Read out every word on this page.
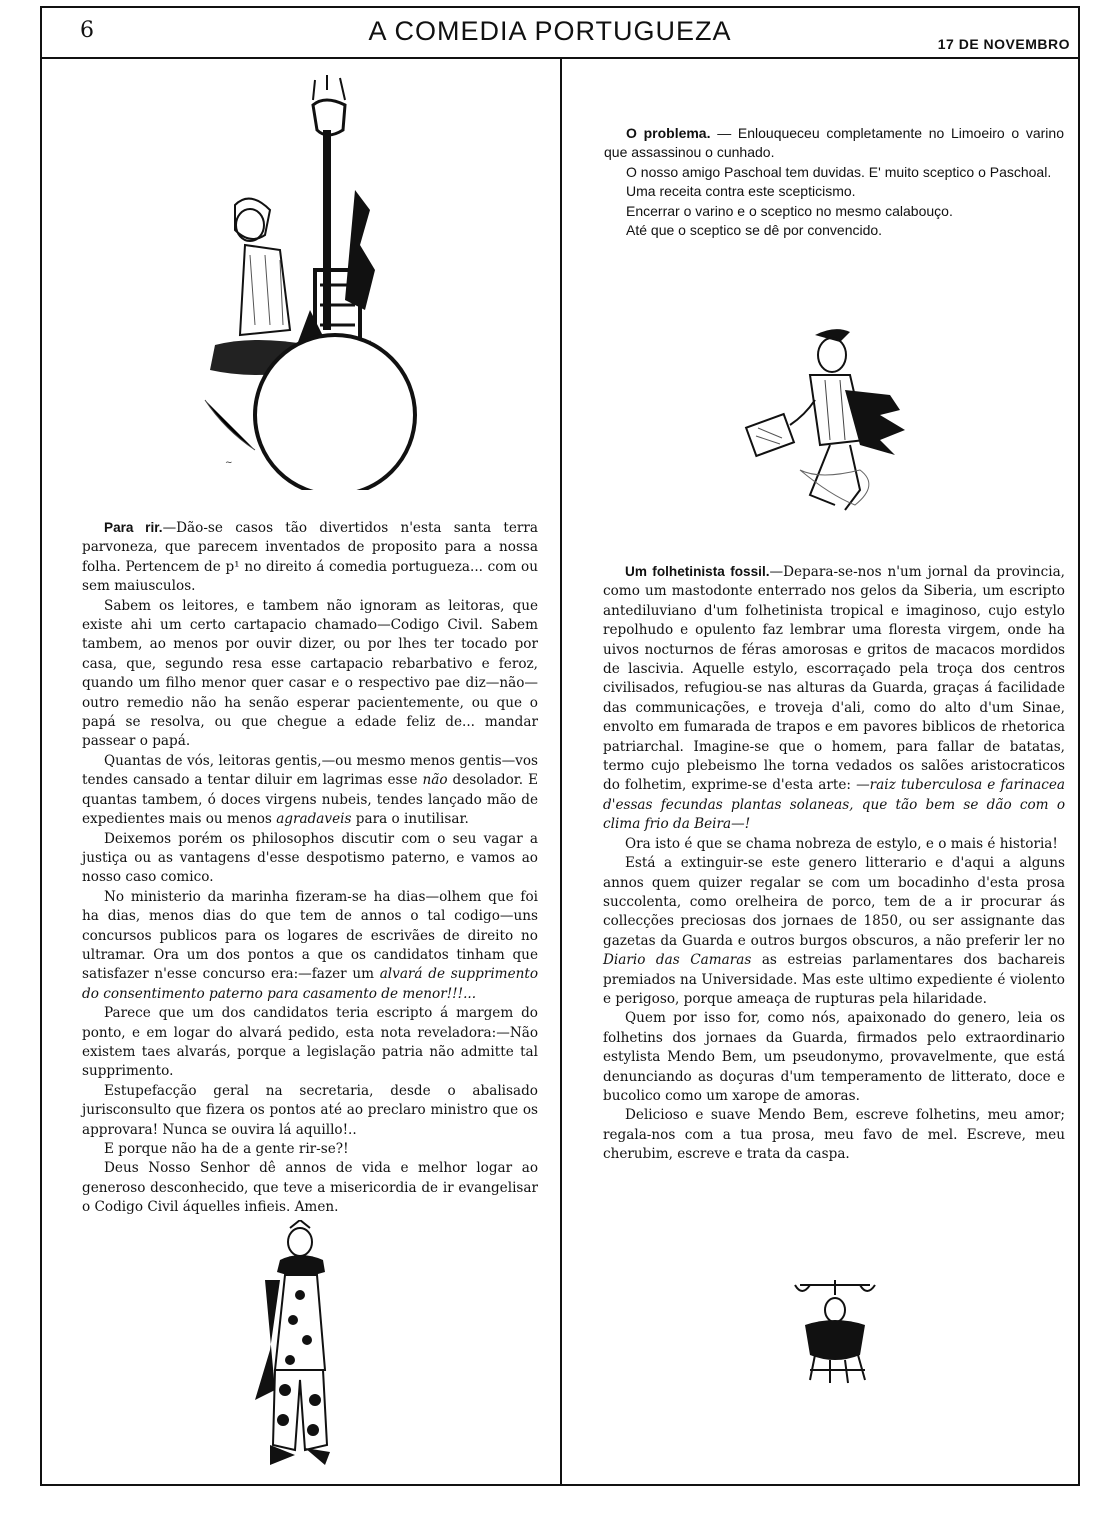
6	A COMEDIA PORTUGUEZA	17 DE NOVEMBRO
~

Para rir.—Dão-se casos tão divertidos n'esta santa terra parvoneza, que parecem inventados de proposito para a nossa folha. Pertencem de p¹ no direito á comedia portugueza... com ou sem maiusculos.

Sabem os leitores, e tambem não ignoram as leitoras, que existe ahi um certo cartapacio chamado—Codigo Civil. Sabem tambem, ao menos por ouvir dizer, ou por lhes ter tocado por casa, que, segundo resa esse cartapacio rebarbativo e feroz, quando um filho menor quer casar e o respectivo pae diz—não—outro remedio não ha senão esperar pacientemente, ou que o papá se resolva, ou que chegue a edade feliz de... mandar passear o papá.

Quantas de vós, leitoras gentis,—ou mesmo menos gentis—vos tendes cansado a tentar diluir em lagrimas esse não desolador. E quantas tambem, ó doces virgens nubeis, tendes lançado mão de expedientes mais ou menos agradaveis para o inutilisar.

Deixemos porém os philosophos discutir com o seu vagar a justiça ou as vantagens d'esse despotismo paterno, e vamos ao nosso caso comico.

No ministerio da marinha fizeram-se ha dias—olhem que foi ha dias, menos dias do que tem de annos o tal codigo—uns concursos publicos para os logares de escrivães de direito no ultramar. Ora um dos pontos a que os candidatos tinham que satisfazer n'esse concurso era:—fazer um alvará de supprimento do consentimento paterno para casamento de menor!!!...

Parece que um dos candidatos teria escripto á margem do ponto, e em logar do alvará pedido, esta nota reveladora:—Não existem taes alvarás, porque a legislação patria não admitte tal supprimento.

Estupefacção geral na secretaria, desde o abalisado jurisconsulto que fizera os pontos até ao preclaro ministro que os approvara! Nunca se ouvira lá aquillo!..

E porque não ha de a gente rir-se?!

Deus Nosso Senhor dê annos de vida e melhor logar ao generoso desconhecido, que teve a misericordia de ir evangelisar o Codigo Civil áquelles infieis. Amen.

O problema. — Enlouqueceu completamente no Limoeiro o varino que assassinou o cunhado.

O nosso amigo Paschoal tem duvidas. E' muito sceptico o Paschoal.

Uma receita contra este scepticismo.

Encerrar o varino e o sceptico no mesmo calabouço.

Até que o sceptico se dê por convencido.

Um folhetinista fossil.—Depara-se-nos n'um jornal da provincia, como um mastodonte enterrado nos gelos da Siberia, um escripto antediluviano d'um folhetinista tropical e imaginoso, cujo estylo repolhudo e opulento faz lembrar uma floresta virgem, onde ha uivos nocturnos de féras amorosas e gritos de macacos mordidos de lascivia. Aquelle estylo, escorraçado pela troça dos centros civilisados, refugiou-se nas alturas da Guarda, graças á facilidade das communicações, e troveja d'ali, como do alto d'um Sinae, envolto em fumarada de trapos e em pavores biblicos de rhetorica patriarchal. Imagine-se que o homem, para fallar de batatas, termo cujo plebeismo lhe torna vedados os salões aristocraticos do folhetim, exprime-se d'esta arte: —raiz tuberculosa e farinacea d'essas fecundas plantas solaneas, que tão bem se dão com o clima frio da Beira—!

Ora isto é que se chama nobreza de estylo, e o mais é historia!

Está a extinguir-se este genero litterario e d'aqui a alguns annos quem quizer regalar se com um bocadinho d'esta prosa succolenta, como orelheira de porco, tem de a ir procurar ás collecções preciosas dos jornaes de 1850, ou ser assignante das gazetas da Guarda e outros burgos obscuros, a não preferir ler no Diario das Camaras as estreias parlamentares dos bachareis premiados na Universidade. Mas este ultimo expediente é violento e perigoso, porque ameaça de rupturas pela hilaridade.

Quem por isso for, como nós, apaixonado do genero, leia os folhetins dos jornaes da Guarda, firmados pelo extraordinario estylista Mendo Bem, um pseudonymo, provavelmente, que está denunciando as doçuras d'um temperamento de litterato, doce e bucolico como um xarope de amoras.

Delicioso e suave Mendo Bem, escreve folhetins, meu amor; regala-nos com a tua prosa, meu favo de mel. Escreve, meu cherubim, escreve e trata da caspa.
